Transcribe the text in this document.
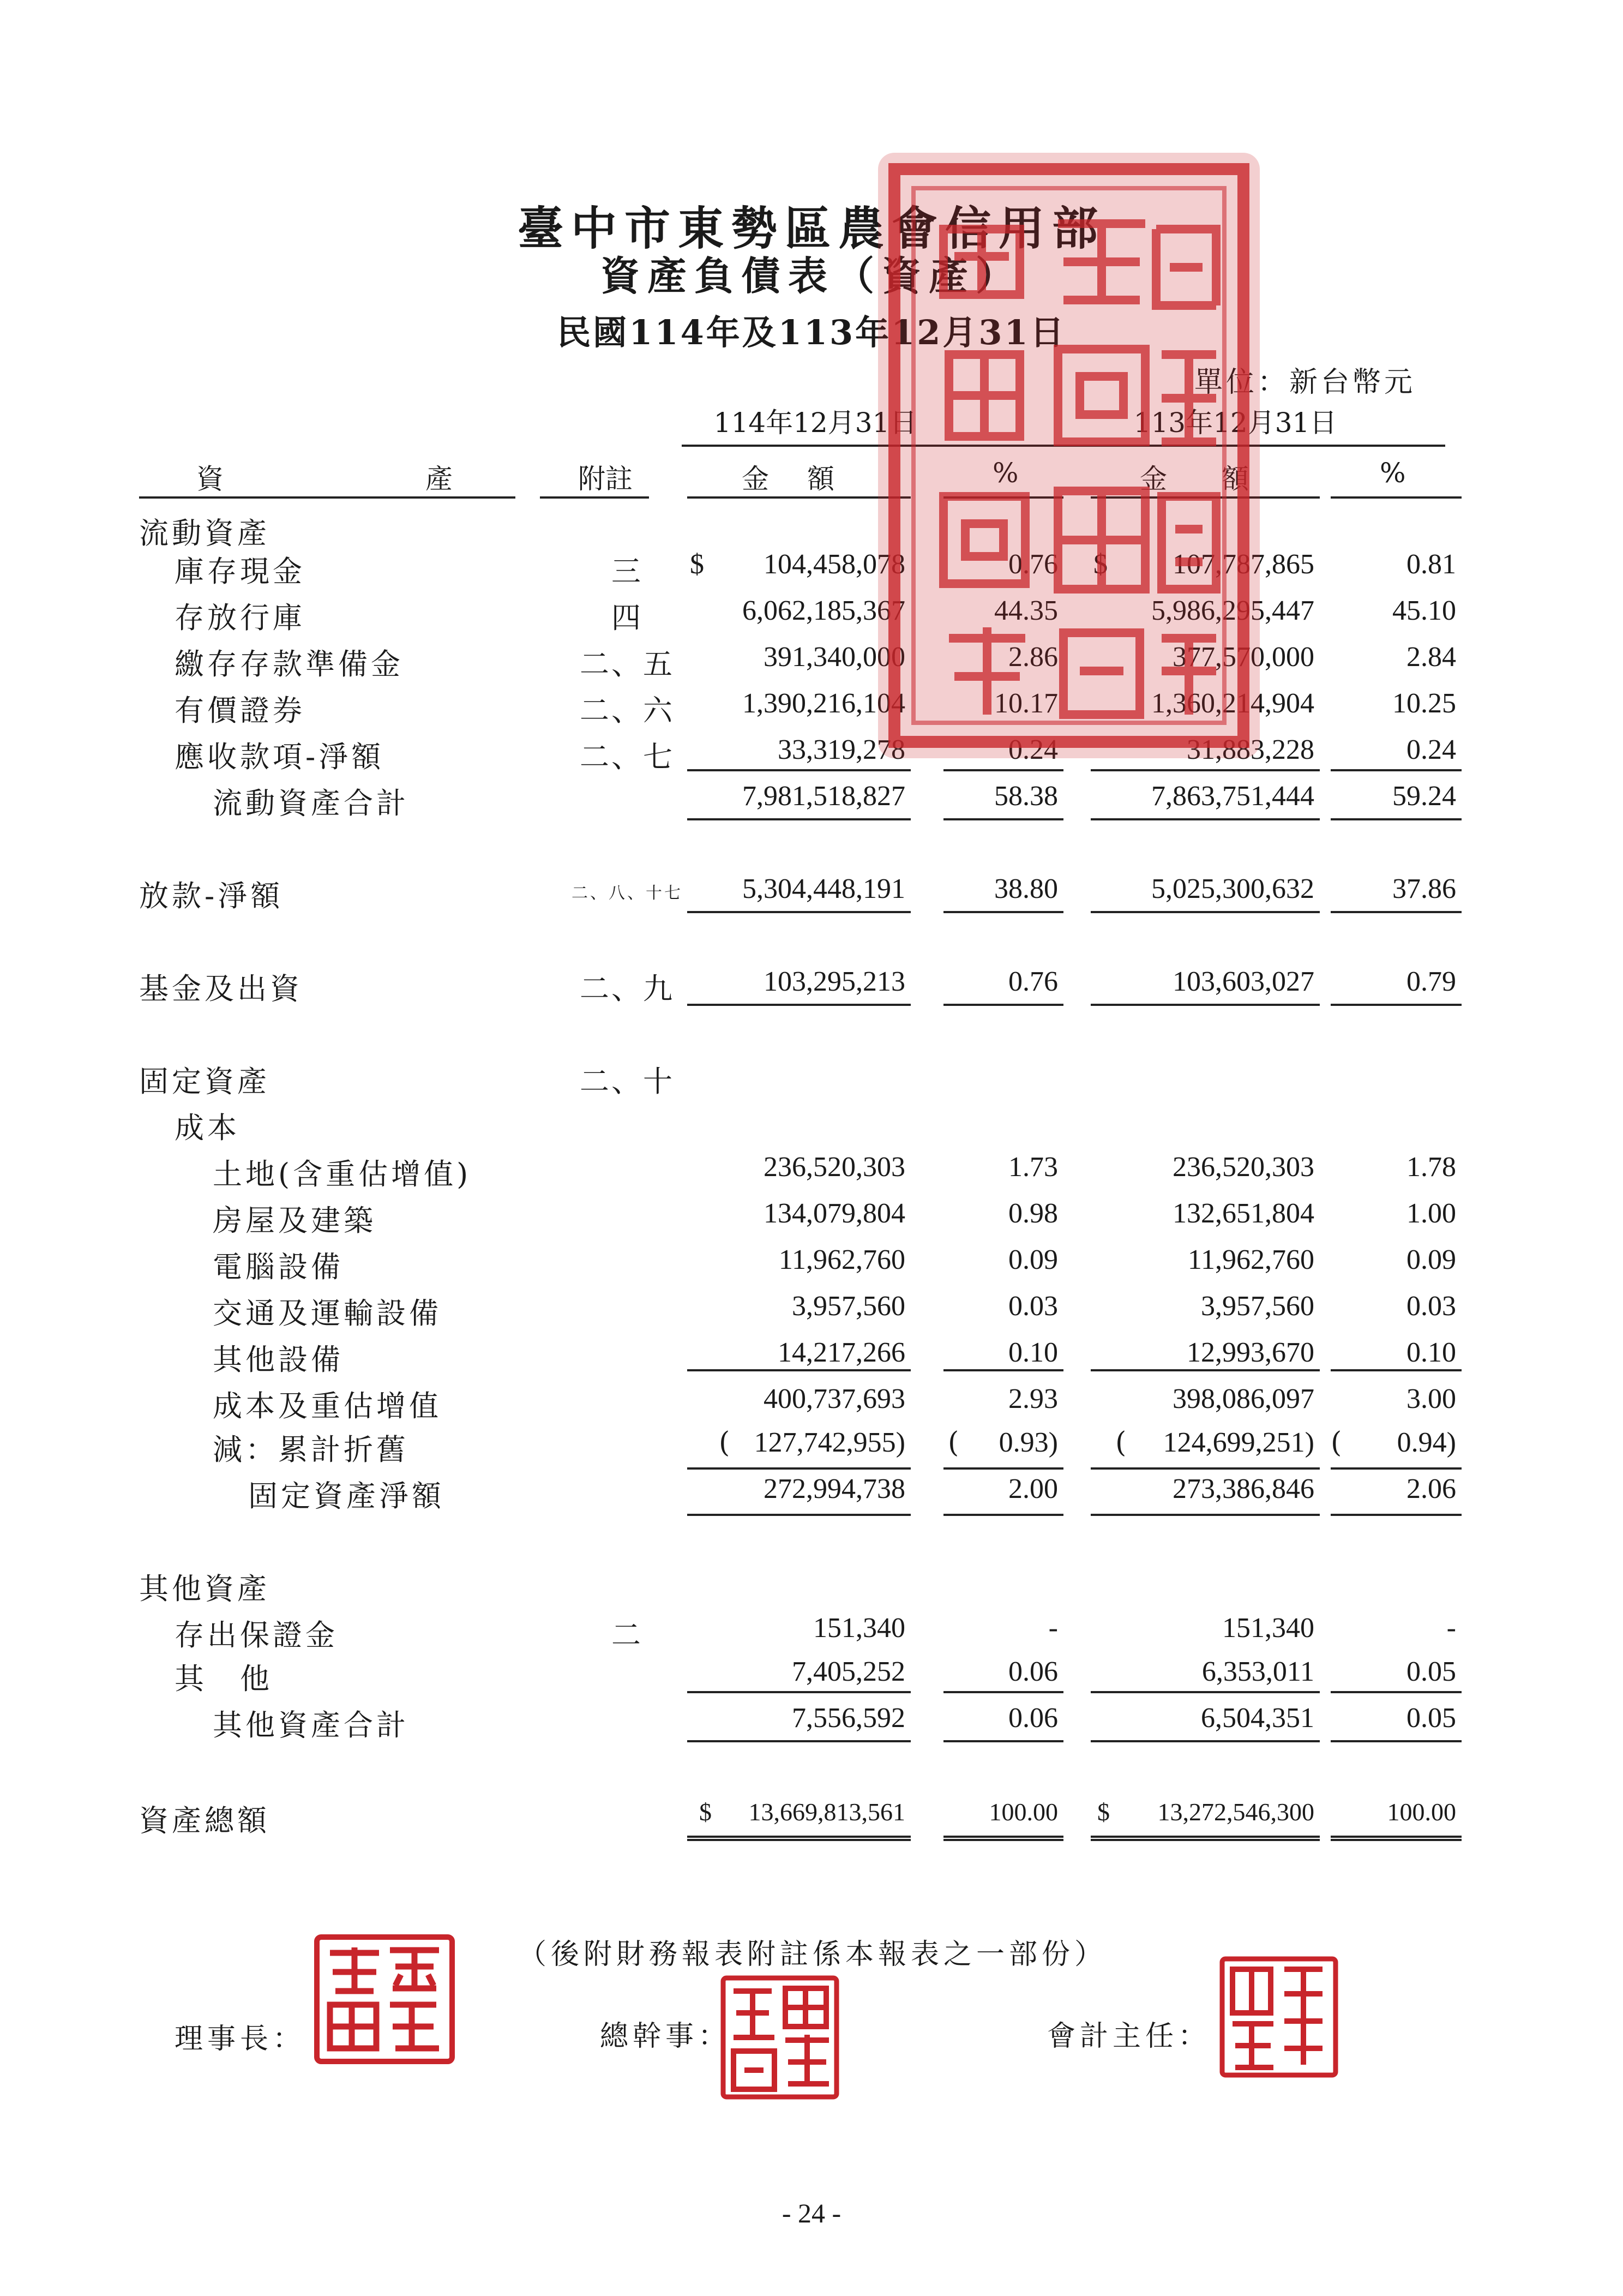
臺中市東勢區農會信用部
資產負債表（資產）
民國114年及113年12月31日
單位：新台幣元
114年12月31日	113年12月31日
資	產	附註	金 額	%	金 額	%
流動資產
庫存現金	三	104,458,078	0.76	107,787,865	0.81
存放行庫	四	6,062,185,367	44.35	5,986,295,447	45.10
繳存存款準備金	二、五	391,340,000	2.86	377,570,000	2.84
有價證券	二、六	1,390,216,104	10.17	1,360,214,904	10.25
應收款項-淨額	二、七	33,319,278	0.24	31,883,228	0.24
流動資產合計	7,981,518,827	58.38	7,863,751,444	59.24
放款-淨額	二、八、十七	5,304,448,191	38.80	5,025,300,632	37.86
基金及出資	二、九	103,295,213	0.76	103,603,027	0.79
固定資產	二、十
成本
土地(含重估增值)	236,520,303	1.73	236,520,303	1.78
房屋及建築	134,079,804	0.98	132,651,804	1.00
電腦設備	11,962,760	0.09	11,962,760	0.09
交通及運輸設備	3,957,560	0.03	3,957,560	0.03
其他設備	14,217,266	0.10	12,993,670	0.10
成本及重估增值	400,737,693	2.93	398,086,097	3.00
減：累計折舊	127,742,955)	0.93)	124,699,251)	0.94)
固定資產淨額	272,994,738	2.00	273,386,846	2.06
其他資產
存出保證金	二	151,340	-	151,340	-
其　他	7,405,252	0.06	6,353,011	0.05
其他資產合計	7,556,592	0.06	6,504,351	0.05
資產總額	13,669,813,561	100.00	13,272,546,300	100.00
$	$
$	$
(	(	(	(
（後附財務報表附註係本報表之一部份）
理事長：	總幹事：	會計主任：
- 24 -
